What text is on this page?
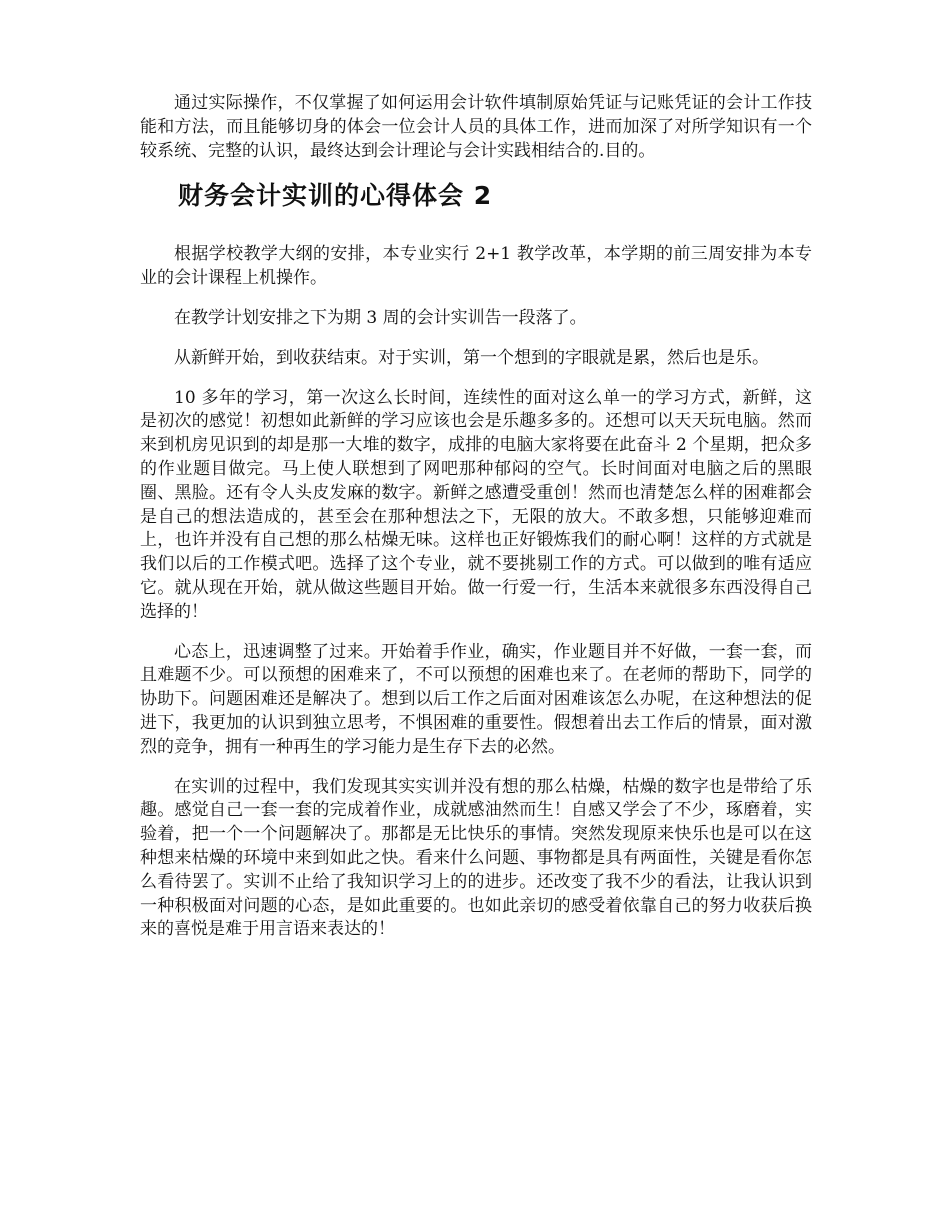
通过实际操作，不仅掌握了如何运用会计软件填制原始凭证与记账凭证的会计工作技能和方法，而且能够切身的体会一位会计人员的具体工作，进而加深了对所学知识有一个较系统、完整的认识，最终达到会计理论与会计实践相结合的.目的。

财务会计实训的心得体会 2

根据学校教学大纲的安排，本专业实行 2+1 教学改革，本学期的前三周安排为本专业的会计课程上机操作。

在教学计划安排之下为期 3 周的会计实训告一段落了。

从新鲜开始，到收获结束。对于实训，第一个想到的字眼就是累，然后也是乐。

10 多年的学习，第一次这么长时间，连续性的面对这么单一的学习方式，新鲜，这是初次的感觉！初想如此新鲜的学习应该也会是乐趣多多的。还想可以天天玩电脑。然而来到机房见识到的却是那一大堆的数字，成排的电脑大家将要在此奋斗 2 个星期，把众多的作业题目做完。马上使人联想到了网吧那种郁闷的空气。长时间面对电脑之后的黑眼圈、黑脸。还有令人头皮发麻的数字。新鲜之感遭受重创！然而也清楚怎么样的困难都会是自己的想法造成的，甚至会在那种想法之下，无限的放大。不敢多想，只能够迎难而上，也许并没有自己想的那么枯燥无味。这样也正好锻炼我们的耐心啊！这样的方式就是我们以后的工作模式吧。选择了这个专业，就不要挑剔工作的方式。可以做到的唯有适应它。就从现在开始，就从做这些题目开始。做一行爱一行，生活本来就很多东西没得自己选择的！

心态上，迅速调整了过来。开始着手作业，确实，作业题目并不好做，一套一套，而且难题不少。可以预想的困难来了，不可以预想的困难也来了。在老师的帮助下，同学的协助下。问题困难还是解决了。想到以后工作之后面对困难该怎么办呢，在这种想法的促进下，我更加的认识到独立思考，不惧困难的重要性。假想着出去工作后的情景，面对激烈的竞争，拥有一种再生的学习能力是生存下去的必然。

在实训的过程中，我们发现其实实训并没有想的那么枯燥，枯燥的数字也是带给了乐趣。感觉自己一套一套的完成着作业，成就感油然而生！自感又学会了不少，琢磨着，实验着，把一个一个问题解决了。那都是无比快乐的事情。突然发现原来快乐也是可以在这种想来枯燥的环境中来到如此之快。看来什么问题、事物都是具有两面性，关键是看你怎么看待罢了。实训不止给了我知识学习上的的进步。还改变了我不少的看法，让我认识到一种积极面对问题的心态，是如此重要的。也如此亲切的感受着依靠自己的努力收获后换来的喜悦是难于用言语来表达的！
